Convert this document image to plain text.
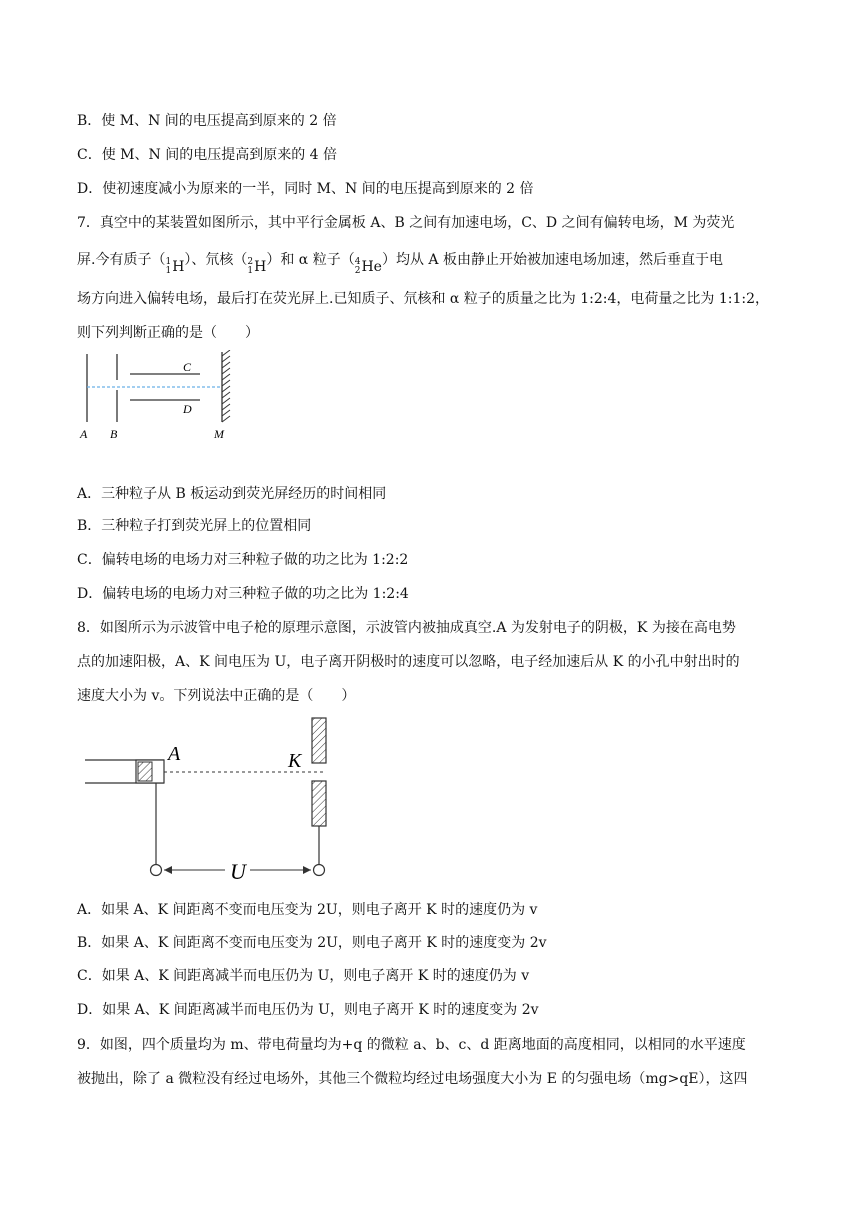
B．使 M、N 间的电压提高到原来的 2 倍
C．使 M、N 间的电压提高到原来的 4 倍
D．使初速度减小为原来的一半，同时 M、N 间的电压提高到原来的 2 倍
7．真空中的某装置如图所示，其中平行金属板 A、B 之间有加速电场，C、D 之间有偏转电场，M 为荧光
屏.今有质子（ 1
1 H ）、氘核（ 2
1 H ）和 α 粒子（ 4
2 He ）均从 A 板由静止开始被加速电场加速，然后垂直于电
场方向进入偏转电场，最后打在荧光屏上.已知质子、氘核和 α 粒子的质量之比为 1:2:4，电荷量之比为 1:1:2，
则下列判断正确的是（　　）
C
D
A B	M
A．三种粒子从 B 板运动到荧光屏经历的时间相同
B．三种粒子打到荧光屏上的位置相同
C．偏转电场的电场力对三种粒子做的功之比为 1:2:2
D．偏转电场的电场力对三种粒子做的功之比为 1:2:4
8．如图所示为示波管中电子枪的原理示意图，示波管内被抽成真空.A 为发射电子的阴极，K 为接在高电势
点的加速阳极，A、K 间电压为 U，电子离开阴极时的速度可以忽略，电子经加速后从 K 的小孔中射出时的
速度大小为 v。下列说法中正确的是（　　）
A	K
U
A．如果 A、K 间距离不变而电压变为 2U，则电子离开 K 时的速度仍为 v
B．如果 A、K 间距离不变而电压变为 2U，则电子离开 K 时的速度变为 2v
C．如果 A、K 间距离减半而电压仍为 U，则电子离开 K 时的速度仍为 v
D．如果 A、K 间距离减半而电压仍为 U，则电子离开 K 时的速度变为 2v
9．如图，四个质量均为 m、带电荷量均为+q 的微粒 a、b、c、d 距离地面的高度相同，以相同的水平速度
被抛出，除了 a 微粒没有经过电场外，其他三个微粒均经过电场强度大小为 E 的匀强电场（mg>qE），这四
